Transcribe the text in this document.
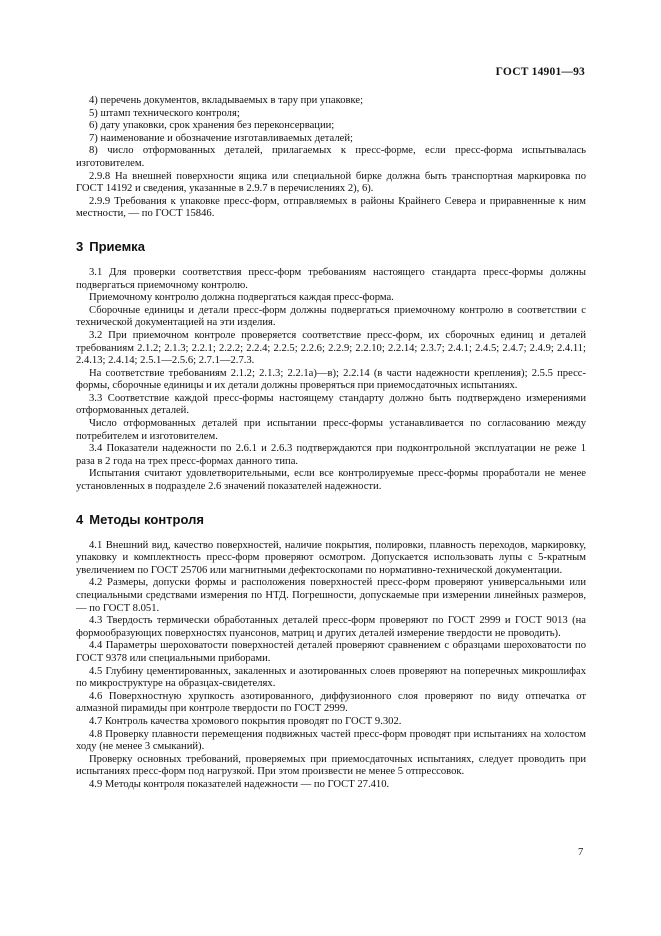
ГОСТ 14901—93

4) перечень документов, вкладываемых в тару при упаковке;

5) штамп технического контроля;

6) дату упаковки, срок хранения без переконсервации;

7) наименование и обозначение изготавливаемых деталей;

8) число отформованных деталей, прилагаемых к пресс-форме, если пресс-форма испытывалась изготовителем.

2.9.8 На внешней поверхности ящика или специальной бирке должна быть транспортная маркировка по ГОСТ 14192 и сведения, указанные в 2.9.7 в перечислениях 2), 6).

2.9.9 Требования к упаковке пресс-форм, отправляемых в районы Крайнего Севера и приравненные к ним местности, — по ГОСТ 15846.

3 Приемка

3.1 Для проверки соответствия пресс-форм требованиям настоящего стандарта пресс-формы должны подвергаться приемочному контролю.

Приемочному контролю должна подвергаться каждая пресс-форма.

Сборочные единицы и детали пресс-форм должны подвергаться приемочному контролю в соответствии с технической документацией на эти изделия.

3.2 При приемочном контроле проверяется соответствие пресс-форм, их сборочных единиц и деталей требованиям 2.1.2; 2.1.3; 2.2.1; 2.2.2; 2.2.4; 2.2.5; 2.2.6; 2.2.9; 2.2.10; 2.2.14; 2.3.7; 2.4.1; 2.4.5; 2.4.7; 2.4.9; 2.4.11; 2.4.13; 2.4.14; 2.5.1—2.5.6; 2.7.1—2.7.3.

На соответствие требованиям 2.1.2; 2.1.3; 2.2.1а)—в); 2.2.14 (в части надежности крепления); 2.5.5 пресс-формы, сборочные единицы и их детали должны проверяться при приемосдаточных испытаниях.

3.3 Соответствие каждой пресс-формы настоящему стандарту должно быть подтверждено измерениями отформованных деталей.

Число отформованных деталей при испытании пресс-формы устанавливается по согласованию между потребителем и изготовителем.

3.4 Показатели надежности по 2.6.1 и 2.6.3 подтверждаются при подконтрольной эксплуатации не реже 1 раза в 2 года на трех пресс-формах данного типа.

Испытания считают удовлетворительными, если все контролируемые пресс-формы проработали не менее установленных в подразделе 2.6 значений показателей надежности.

4 Методы контроля

4.1 Внешний вид, качество поверхностей, наличие покрытия, полировки, плавность переходов, маркировку, упаковку и комплектность пресс-форм проверяют осмотром. Допускается использовать лупы с 5-кратным увеличением по ГОСТ 25706 или магнитными дефектоскопами по нормативно-технической документации.

4.2 Размеры, допуски формы и расположения поверхностей пресс-форм проверяют универсальными или специальными средствами измерения по НТД. Погрешности, допускаемые при измерении линейных размеров, — по ГОСТ 8.051.

4.3 Твердость термически обработанных деталей пресс-форм проверяют по ГОСТ 2999 и ГОСТ 9013 (на формообразующих поверхностях пуансонов, матриц и других деталей измерение твердости не проводить).

4.4 Параметры шероховатости поверхностей деталей проверяют сравнением с образцами шероховатости по ГОСТ 9378 или специальными приборами.

4.5 Глубину цементированных, закаленных и азотированных слоев проверяют на поперечных микрошлифах по микроструктуре на образцах-свидетелях.

4.6 Поверхностную хрупкость азотированного, диффузионного слоя проверяют по виду отпечатка от алмазной пирамиды при контроле твердости по ГОСТ 2999.

4.7 Контроль качества хромового покрытия проводят по ГОСТ 9.302.

4.8 Проверку плавности перемещения подвижных частей пресс-форм проводят при испытаниях на холостом ходу (не менее 3 смыканий).

Проверку основных требований, проверяемых при приемосдаточных испытаниях, следует проводить при испытаниях пресс-форм под нагрузкой. При этом произвести не менее 5 отпрессовок.

4.9 Методы контроля показателей надежности — по ГОСТ 27.410.

7
